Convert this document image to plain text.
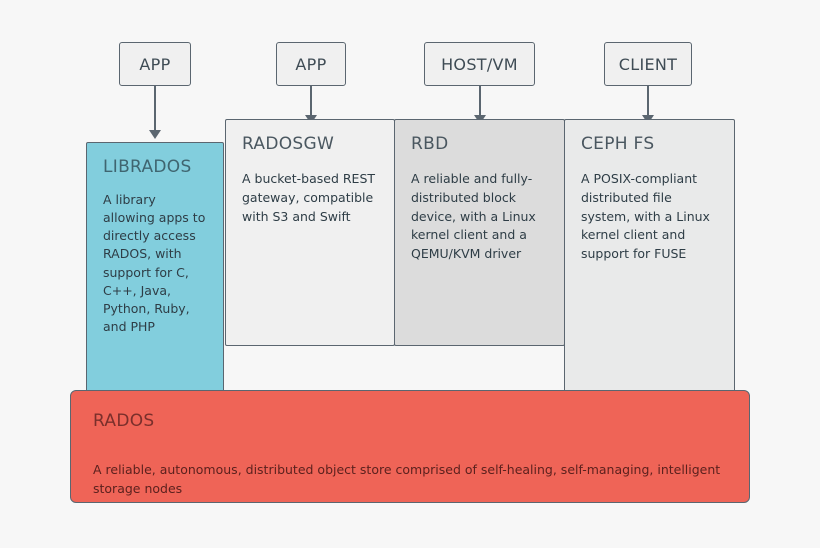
APP	APP	HOST/VM	CLIENT
LIBRADOS
A library allowing apps to directly access RADOS, with support for C, C++, Java, Python, Ruby, and PHP
RADOSGW
A bucket-based REST gateway, compatible with S3 and Swift
RBD
A reliable and fully-distributed block device, with a Linux kernel client and a QEMU/KVM driver
CEPH FS
A POSIX-compliant distributed file system, with a Linux kernel client and support for FUSE
RADOS
A reliable, autonomous, distributed object store comprised of self-healing, self-managing, intelligent storage nodes
